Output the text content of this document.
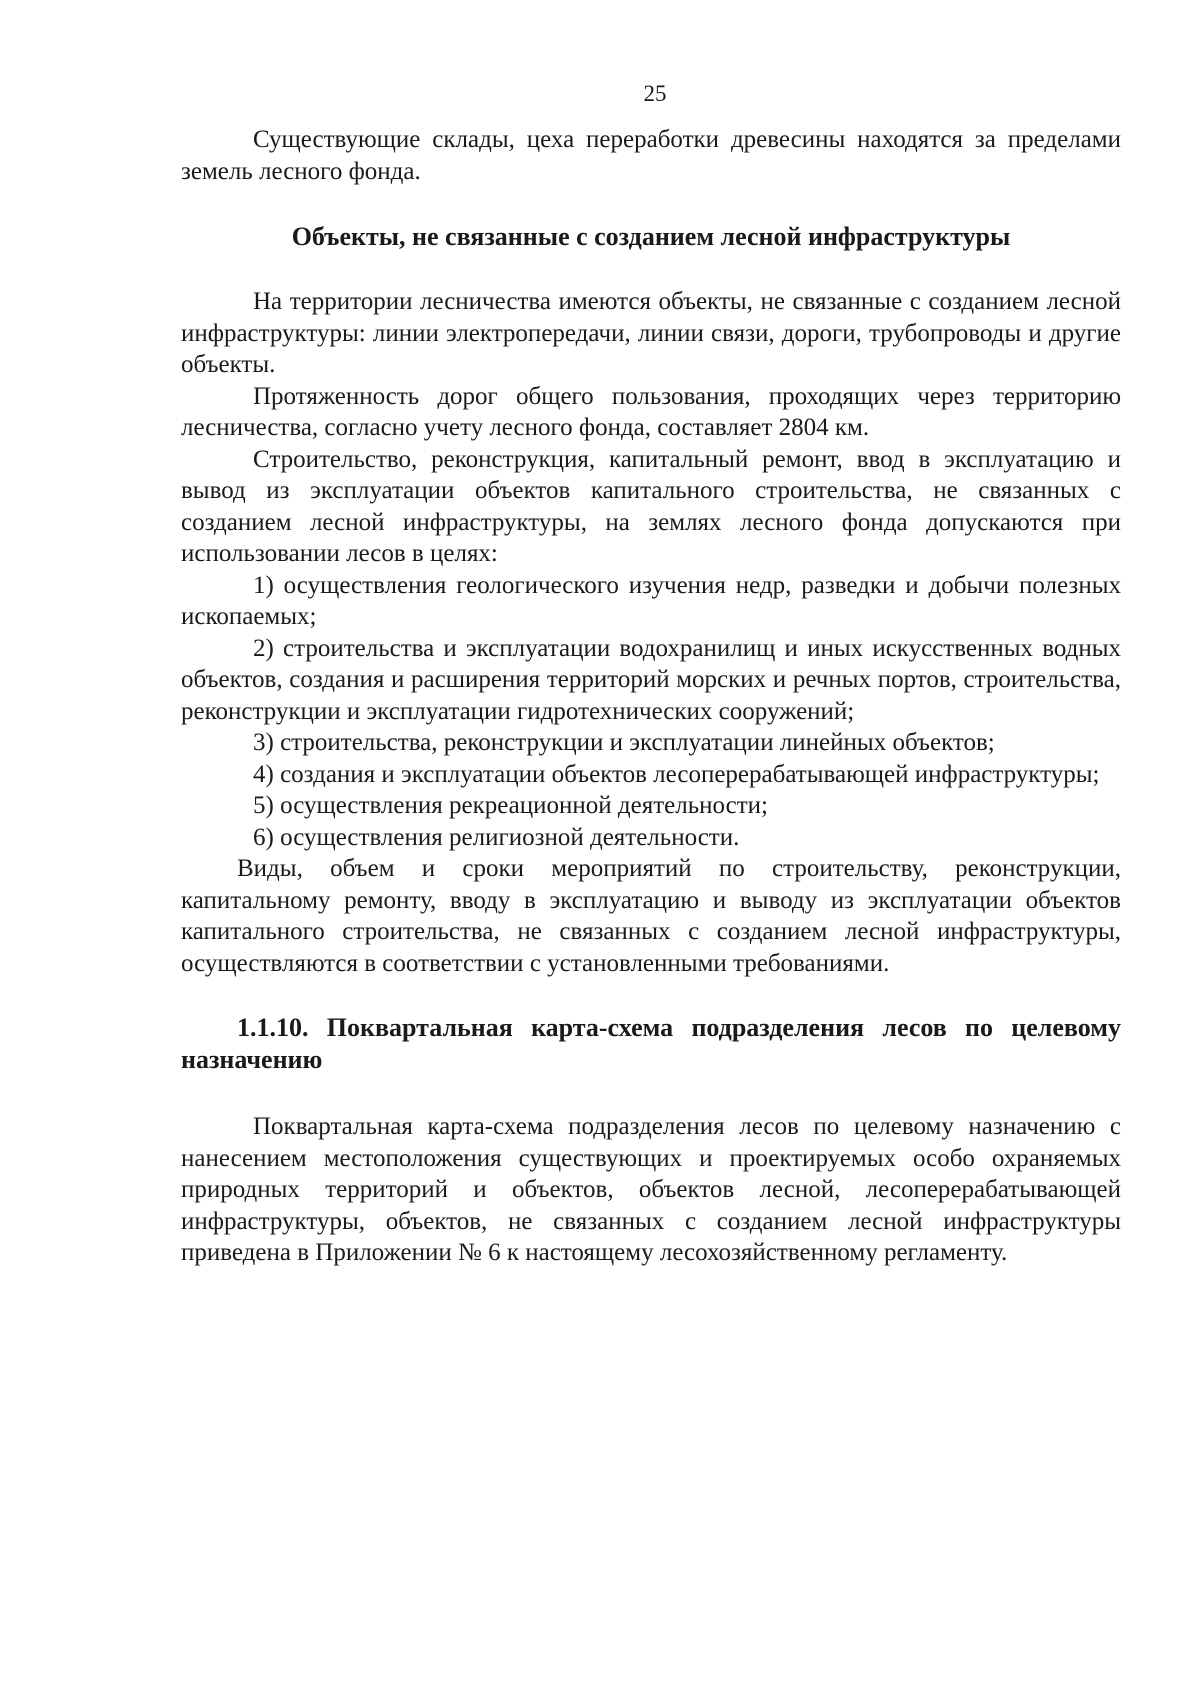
25

Существующие склады, цеха переработки древесины находятся за пределами земель лесного фонда.

Объекты, не связанные с созданием лесной инфраструктуры

На территории лесничества имеются объекты, не связанные с созданием лесной инфраструктуры: линии электропередачи, линии связи, дороги, трубопроводы и другие объекты.

Протяженность дорог общего пользования, проходящих через территорию лесничества, согласно учету лесного фонда, составляет 2804 км.

Строительство, реконструкция, капитальный ремонт, ввод в эксплуатацию и вывод из эксплуатации объектов капитального строительства, не связанных с созданием лесной инфраструктуры, на землях лесного фонда допускаются при использовании лесов в целях:

1) осуществления геологического изучения недр, разведки и добычи полезных ископаемых;

2) строительства и эксплуатации водохранилищ и иных искусственных водных объектов, создания и расширения территорий морских и речных портов, строительства, реконструкции и эксплуатации гидротехнических сооружений;

3) строительства, реконструкции и эксплуатации линейных объектов;

4) создания и эксплуатации объектов лесоперерабатывающей инфраструктуры;

5) осуществления рекреационной деятельности;

6) осуществления религиозной деятельности.

Виды, объем и сроки мероприятий по строительству, реконструкции, капитальному ремонту, вводу в эксплуатацию и выводу из эксплуатации объектов капитального строительства, не связанных с созданием лесной инфраструктуры, осуществляются в соответствии с установленными требованиями.

1.1.10. Поквартальная карта-схема подразделения лесов по целевому назначению

Поквартальная карта-схема подразделения лесов по целевому назначению с нанесением местоположения существующих и проектируемых особо охраняемых природных территорий и объектов, объектов лесной, лесоперерабатывающей инфраструктуры, объектов, не связанных с созданием лесной инфраструктуры приведена в Приложении № 6 к настоящему лесохозяйственному регламенту.
